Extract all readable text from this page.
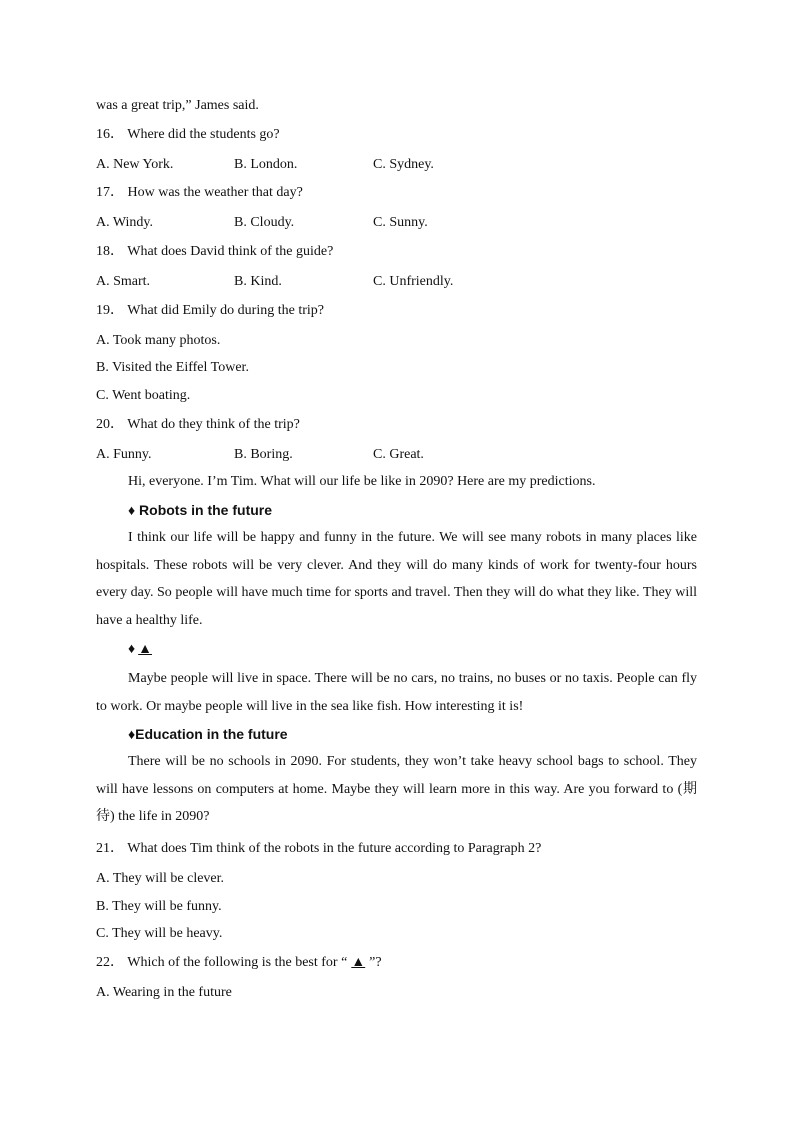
was a great trip,” James said.
16． Where did the students go?
A. New York.	B. London.	C. Sydney.
17． How was the weather that day?
A. Windy.	B. Cloudy.	C. Sunny.
18． What does David think of the guide?
A. Smart.	B. Kind.	C. Unfriendly.
19． What did Emily do during the trip?
A. Took many photos.
B. Visited the Eiffel Tower.
C. Went boating.
20． What do they think of the trip?
A. Funny.	B. Boring.	C. Great.
Hi, everyone. I’m Tim. What will our life be like in 2090? Here are my predictions.
♦ Robots in the future

I think our life will be happy and funny in the future. We will see many robots in many places like hospitals. These robots will be very clever. And they will do many kinds of work for twenty-four hours every day. So people will have much time for sports and travel. Then they will do what they like. They will have a healthy life.

♦ ▲

Maybe people will live in space. There will be no cars, no trains, no buses or no taxis. People can fly to work. Or maybe people will live in the sea like fish. How interesting it is!

♦Education in the future

There will be no schools in 2090. For students, they won’t take heavy school bags to school. They will have lessons on computers at home. Maybe they will learn more in this way. Are you forward to (期待) the life in 2090?

21． What does Tim think of the robots in the future according to Paragraph 2?
A. They will be clever.
B. They will be funny.
C. They will be heavy.
22． Which of the following is the best for “ ▲ ”?
A. Wearing in the future
